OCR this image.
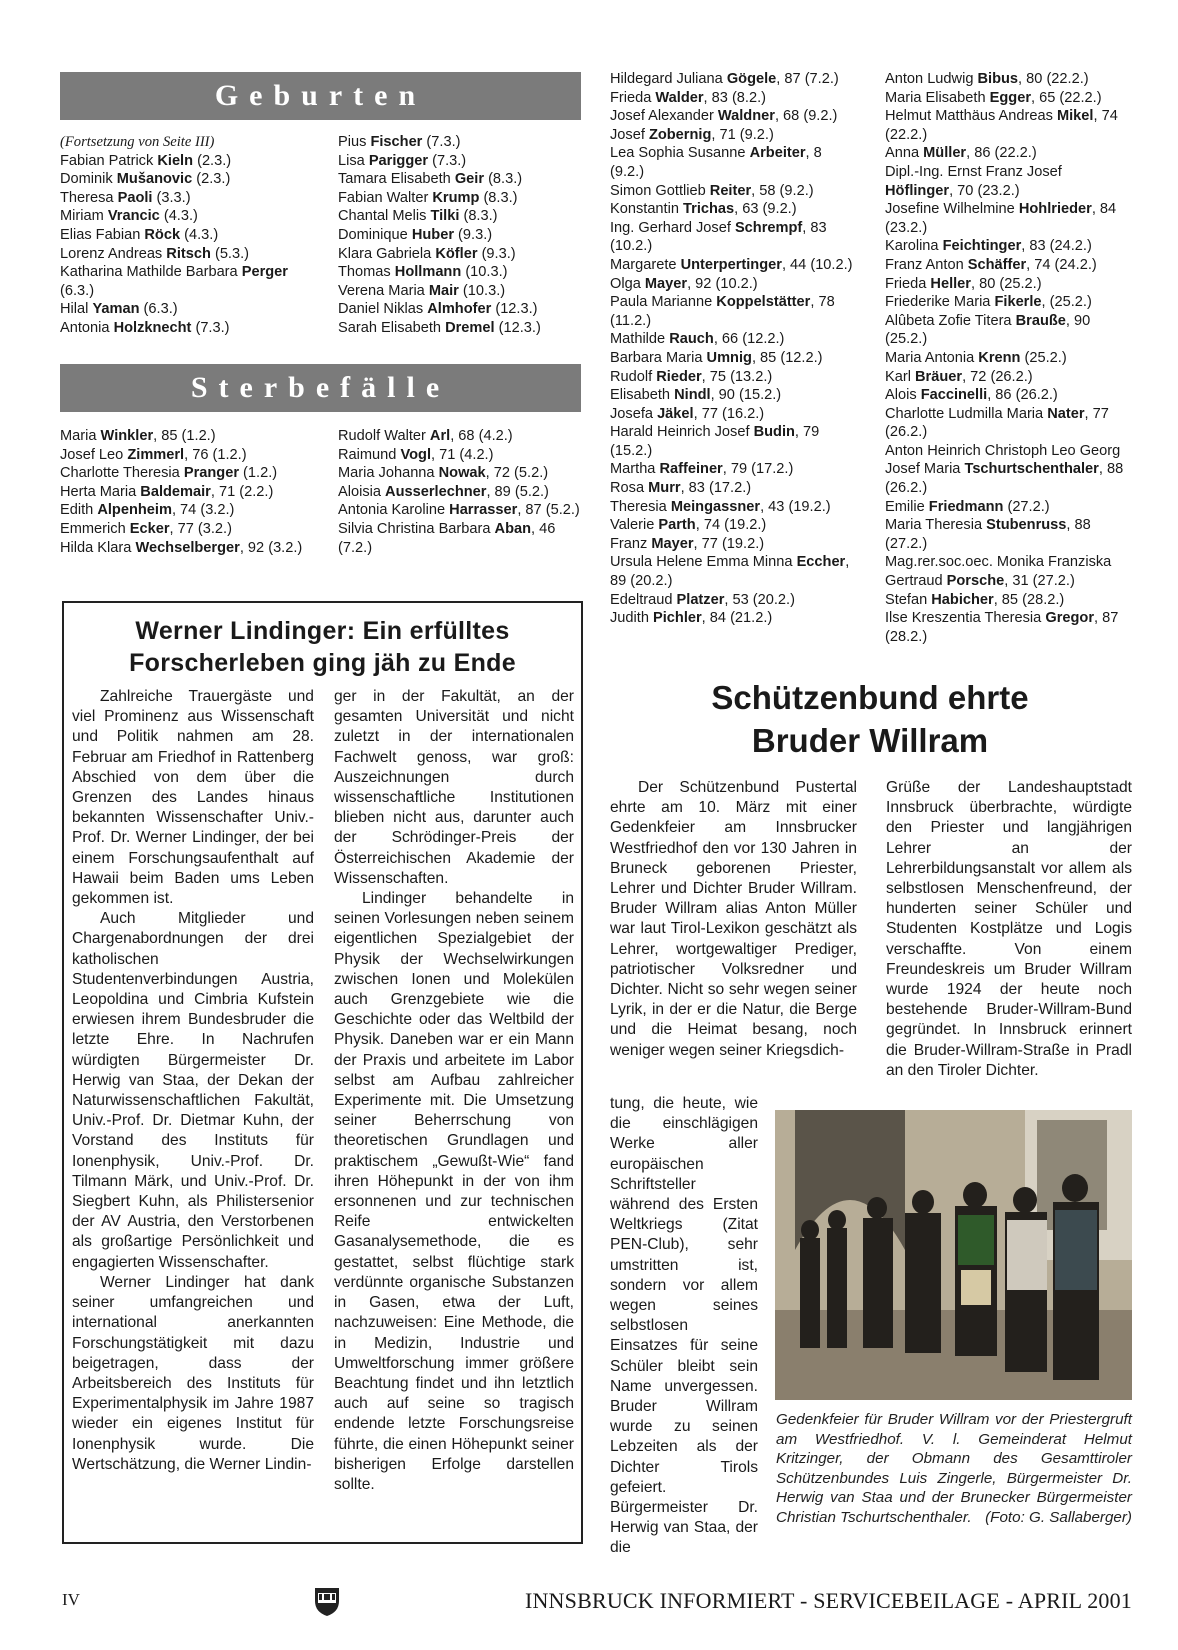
Geburten

(Fortsetzung von Seite III)

Fabian Patrick Kieln (2.3.)

Dominik Mušanovic (2.3.)

Theresa Paoli (3.3.)

Miriam Vrancic (4.3.)

Elias Fabian Röck (4.3.)

Lorenz Andreas Ritsch (5.3.)

Katharina Mathilde Barbara Perger (6.3.)

Hilal Yaman (6.3.)

Antonia Holzknecht (7.3.)

Pius Fischer (7.3.)

Lisa Parigger (7.3.)

Tamara Elisabeth Geir (8.3.)

Fabian Walter Krump (8.3.)

Chantal Melis Tilki (8.3.)

Dominique Huber (9.3.)

Klara Gabriela Köfler (9.3.)

Thomas Hollmann (10.3.)

Verena Maria Mair (10.3.)

Daniel Niklas Almhofer (12.3.)

Sarah Elisabeth Dremel (12.3.)

Sterbefälle

Maria Winkler, 85 (1.2.)

Josef Leo Zimmerl, 76 (1.2.)

Charlotte Theresia Pranger (1.2.)

Herta Maria Baldemair, 71 (2.2.)

Edith Alpenheim, 74 (3.2.)

Emmerich Ecker, 77 (3.2.)

Hilda Klara Wechselberger, 92 (3.2.)

Rudolf Walter Arl, 68 (4.2.)

Raimund Vogl, 71 (4.2.)

Maria Johanna Nowak, 72 (5.2.)

Aloisia Ausserlechner, 89 (5.2.)

Antonia Karoline Harrasser, 87 (5.2.)

Silvia Christina Barbara Aban, 46 (7.2.)

Hildegard Juliana Gögele, 87 (7.2.)

Frieda Walder, 83 (8.2.)

Josef Alexander Waldner, 68 (9.2.)

Josef Zobernig, 71 (9.2.)

Lea Sophia Susanne Arbeiter, 8 (9.2.)

Simon Gottlieb Reiter, 58 (9.2.)

Konstantin Trichas, 63 (9.2.)

Ing. Gerhard Josef Schrempf, 83 (10.2.)

Margarete Unterpertinger, 44 (10.2.)

Olga Mayer, 92 (10.2.)

Paula Marianne Koppelstätter, 78 (11.2.)

Mathilde Rauch, 66 (12.2.)

Barbara Maria Umnig, 85 (12.2.)

Rudolf Rieder, 75 (13.2.)

Elisabeth Nindl, 90 (15.2.)

Josefa Jäkel, 77 (16.2.)

Harald Heinrich Josef Budin, 79 (15.2.)

Martha Raffeiner, 79 (17.2.)

Rosa Murr, 83 (17.2.)

Theresia Meingassner, 43 (19.2.)

Valerie Parth, 74 (19.2.)

Franz Mayer, 77 (19.2.)

Ursula Helene Emma Minna Eccher, 89 (20.2.)

Edeltraud Platzer, 53 (20.2.)

Judith Pichler, 84 (21.2.)

Anton Ludwig Bibus, 80 (22.2.)

Maria Elisabeth Egger, 65 (22.2.)

Helmut Matthäus Andreas Mikel, 74 (22.2.)

Anna Müller, 86 (22.2.)

Dipl.-Ing. Ernst Franz Josef Höflinger, 70 (23.2.)

Josefine Wilhelmine Hohlrieder, 84 (23.2.)

Karolina Feichtinger, 83 (24.2.)

Franz Anton Schäffer, 74 (24.2.)

Frieda Heller, 80 (25.2.)

Friederike Maria Fikerle, (25.2.)

Alûbeta Zofie Titera Brauße, 90 (25.2.)

Maria Antonia Krenn (25.2.)

Karl Bräuer, 72 (26.2.)

Alois Faccinelli, 86 (26.2.)

Charlotte Ludmilla Maria Nater, 77 (26.2.)

Anton Heinrich Christoph Leo Georg Josef Maria Tschurtschenthaler, 88 (26.2.)

Emilie Friedmann (27.2.)

Maria Theresia Stubenruss, 88 (27.2.)

Mag.rer.soc.oec. Monika Franziska Gertraud Porsche, 31 (27.2.)

Stefan Habicher, 85 (28.2.)

Ilse Kreszentia Theresia Gregor, 87 (28.2.)

Werner Lindinger: Ein erfülltes Forscherleben ging jäh zu Ende

Zahlreiche Trauergäste und viel Prominenz aus Wissenschaft und Politik nahmen am 28. Februar am Friedhof in Rattenberg Abschied von dem über die Grenzen des Landes hinaus bekannten Wissenschafter Univ.-Prof. Dr. Werner Lindinger, der bei einem Forschungsaufenthalt auf Hawaii beim Baden ums Leben gekommen ist.

Auch Mitglieder und Chargenabordnungen der drei katholischen Studentenverbindungen Austria, Leopoldina und Cimbria Kufstein erwiesen ihrem Bundesbruder die letzte Ehre. In Nachrufen würdigten Bürgermeister Dr. Herwig van Staa, der Dekan der Naturwissenschaftlichen Fakultät, Univ.-Prof. Dr. Dietmar Kuhn, der Vorstand des Instituts für Ionenphysik, Univ.-Prof. Dr. Tilmann Märk, und Univ.-Prof. Dr. Siegbert Kuhn, als Philistersenior der AV Austria, den Verstorbenen als großartige Persönlichkeit und engagierten Wissenschafter.

Werner Lindinger hat dank seiner umfangreichen und international anerkannten Forschungstätigkeit mit dazu beigetragen, dass der Arbeitsbereich des Instituts für Experimentalphysik im Jahre 1987 wieder ein eigenes Institut für Ionenphysik wurde. Die Wertschätzung, die Werner Lindin-

ger in der Fakultät, an der gesamten Universität und nicht zuletzt in der internationalen Fachwelt genoss, war groß: Auszeichnungen durch wissenschaftliche Institutionen blieben nicht aus, darunter auch der Schrödinger-Preis der Österreichischen Akademie der Wissenschaften.

Lindinger behandelte in seinen Vorlesungen neben seinem eigentlichen Spezialgebiet der Physik der Wechselwirkungen zwischen Ionen und Molekülen auch Grenzgebiete wie die Geschichte oder das Weltbild der Physik. Daneben war er ein Mann der Praxis und arbeitete im Labor selbst am Aufbau zahlreicher Experimente mit. Die Umsetzung seiner Beherrschung von theoretischen Grundlagen und praktischem „Gewußt-Wie“ fand ihren Höhepunkt in der von ihm ersonnenen und zur technischen Reife entwickelten Gasanalysemethode, die es gestattet, selbst flüchtige stark verdünnte organische Substanzen in Gasen, etwa der Luft, nachzuweisen: Eine Methode, die in Medizin, Industrie und Umweltforschung immer größere Beachtung findet und ihn letztlich auch auf seine so tragisch endende letzte Forschungsreise führte, die einen Höhepunkt seiner bisherigen Erfolge darstellen sollte.

Schützenbund ehrte
Bruder Willram

Der Schützenbund Pustertal ehrte am 10. März mit einer Gedenkfeier am Innsbrucker Westfriedhof den vor 130 Jahren in Bruneck geborenen Priester, Lehrer und Dichter Bruder Willram. Bruder Willram alias Anton Müller war laut Tirol-Lexikon geschätzt als Lehrer, wortgewaltiger Prediger, patriotischer Volksredner und Dichter. Nicht so sehr wegen seiner Lyrik, in der er die Natur, die Berge und die Heimat besang, noch weniger wegen seiner Kriegsdich-

tung, die heute, wie die einschlägigen Werke aller europäischen Schriftsteller während des Ersten Weltkriegs (Zitat PEN-Club), sehr umstritten ist, sondern vor allem wegen seines selbstlosen Einsatzes für seine Schüler bleibt sein Name unvergessen. Bruder Willram wurde zu seinen Lebzeiten als der Dichter Tirols gefeiert. Bürgermeister Dr. Herwig van Staa, der die

Grüße der Landeshauptstadt Innsbruck überbrachte, würdigte den Priester und langjährigen Lehrer an der Lehrerbildungsanstalt vor allem als selbstlosen Menschenfreund, der hunderten seiner Schüler und Studenten Kostplätze und Logis verschaffte. Von einem Freundeskreis um Bruder Willram wurde 1924 der heute noch bestehende Bruder-Willram-Bund gegründet. In Innsbruck erinnert die Bruder-Willram-Straße in Pradl an den Tiroler Dichter.

Gedenkfeier für Bruder Willram vor der Priestergruft am Westfriedhof. V. l. Gemeinderat Helmut Kritzinger, der Obmann des Gesamttiroler Schützenbundes Luis Zingerle, Bürgermeister Dr. Herwig van Staa und der Brunecker Bürgermeister Christian Tschurtschenthaler. (Foto: G. Sallaberger)
IV	INNSBRUCK INFORMIERT - SERVICEBEILAGE - APRIL 2001
